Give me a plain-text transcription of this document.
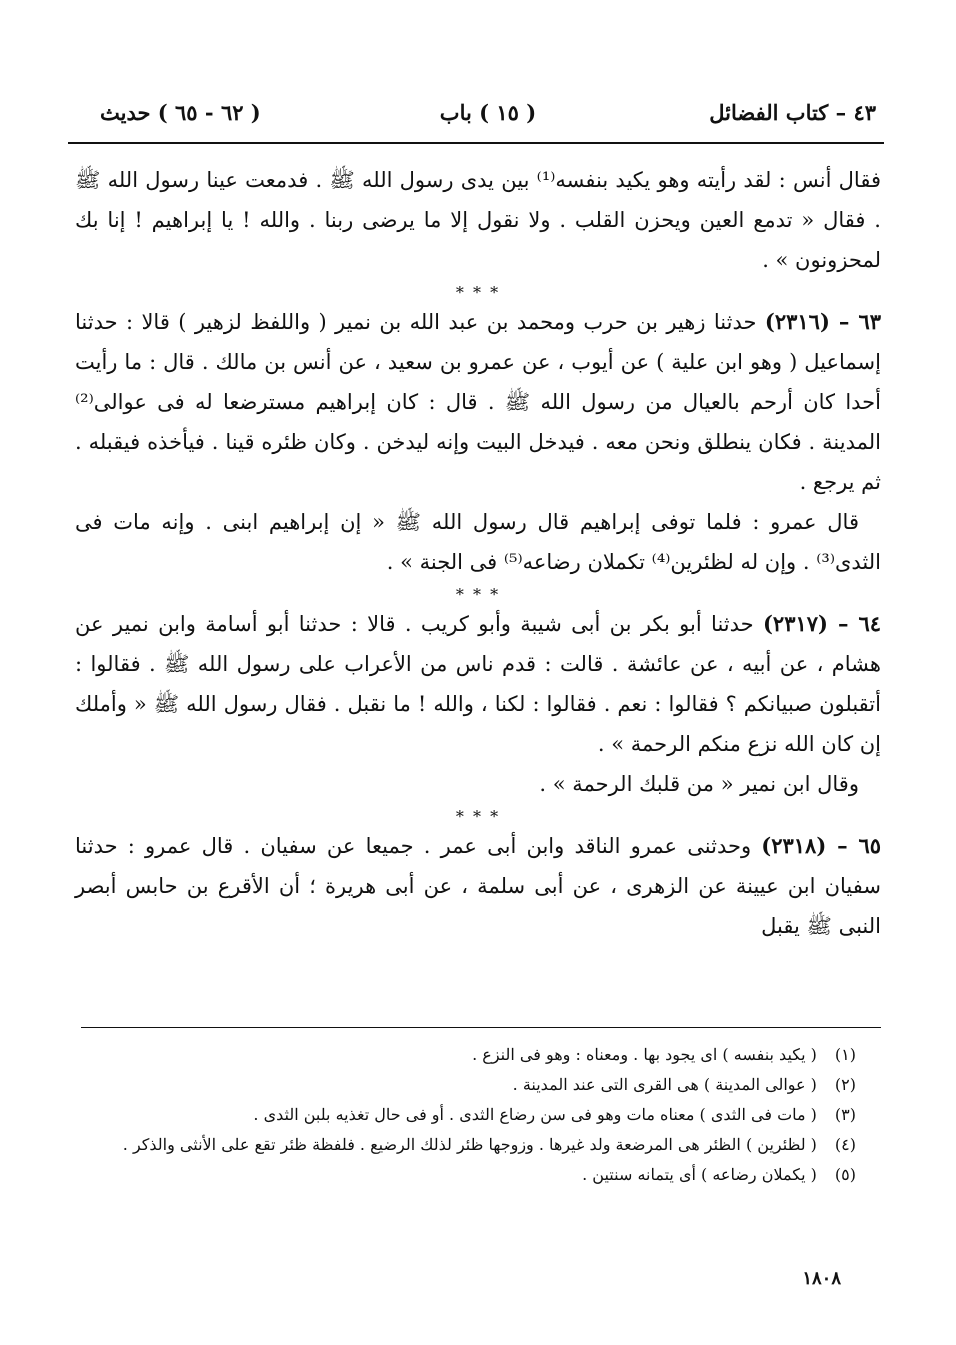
٤٣ – كتاب الفضائل
( ١٥ ) باب
( ٦٢ - ٦٥ ) حديث

فقال أنس : لقد رأيته وهو يكيد بنفسه⁽¹⁾ بين يدى رسول الله ﷺ . فدمعت عينا رسول الله ﷺ . فقال « تدمع العين ويحزن القلب . ولا نقول إلا ما يرضى ربنا . والله ! يا إبراهيم ! إنا بك لمحزونون » .

* * *

٦٣ – (٢٣١٦) حدثنا زهير بن حرب ومحمد بن عبد الله بن نمير ( واللفظ لزهير ) قالا : حدثنا إسماعيل ( وهو ابن علية ) عن أيوب ، عن عمرو بن سعيد ، عن أنس بن مالك . قال : ما رأيت أحدا كان أرحم بالعيال من رسول الله ﷺ . قال : كان إبراهيم مسترضعا له فى عوالى⁽²⁾ المدينة . فكان ينطلق ونحن معه . فيدخل البيت وإنه ليدخن . وكان ظئره قينا . فيأخذه فيقبله . ثم يرجع .

قال عمرو : فلما توفى إبراهيم قال رسول الله ﷺ « إن إبراهيم ابنى . وإنه مات فى الثدى⁽³⁾ . وإن له لظئرين⁽⁴⁾ تكملان رضاعه⁽⁵⁾ فى الجنة » .

* * *

٦٤ – (٢٣١٧) حدثنا أبو بكر بن أبى شيبة وأبو كريب . قالا : حدثنا أبو أسامة وابن نمير عن هشام ، عن أبيه ، عن عائشة . قالت : قدم ناس من الأعراب على رسول الله ﷺ . فقالوا : أتقبلون صبيانكم ؟ فقالوا : نعم . فقالوا : لكنا ، والله ! ما نقبل . فقال رسول الله ﷺ « وأملك إن كان الله نزع منكم الرحمة » .

وقال ابن نمير « من قلبك الرحمة » .

* * *

٦٥ – (٢٣١٨) وحدثنى عمرو الناقد وابن أبى عمر . جميعا عن سفيان . قال عمرو : حدثنا سفيان ابن عيينة عن الزهرى ، عن أبى سلمة ، عن أبى هريرة ؛ أن الأقرع بن حابس أبصر النبى ﷺ يقبل

(١) ( يكيد بنفسه ) اى يجود بها . ومعناه : وهو فى النزع .
(٢) ( عوالى المدينة ) هى القرى التى عند المدينة .
(٣) ( مات فى الثدى ) معناه مات وهو فى سن رضاع الثدى . أو فى حال تغذيه بلبن الثدى .
(٤) ( لظئرين ) الظئر هى المرضعة ولد غيرها . وزوجها ظئر لذلك الرضيع . فلفظة ظئر تقع على الأنثى والذكر .
(٥) ( يكملان رضاعه ) أى يتمانه سنتين .
١٨٠٨
